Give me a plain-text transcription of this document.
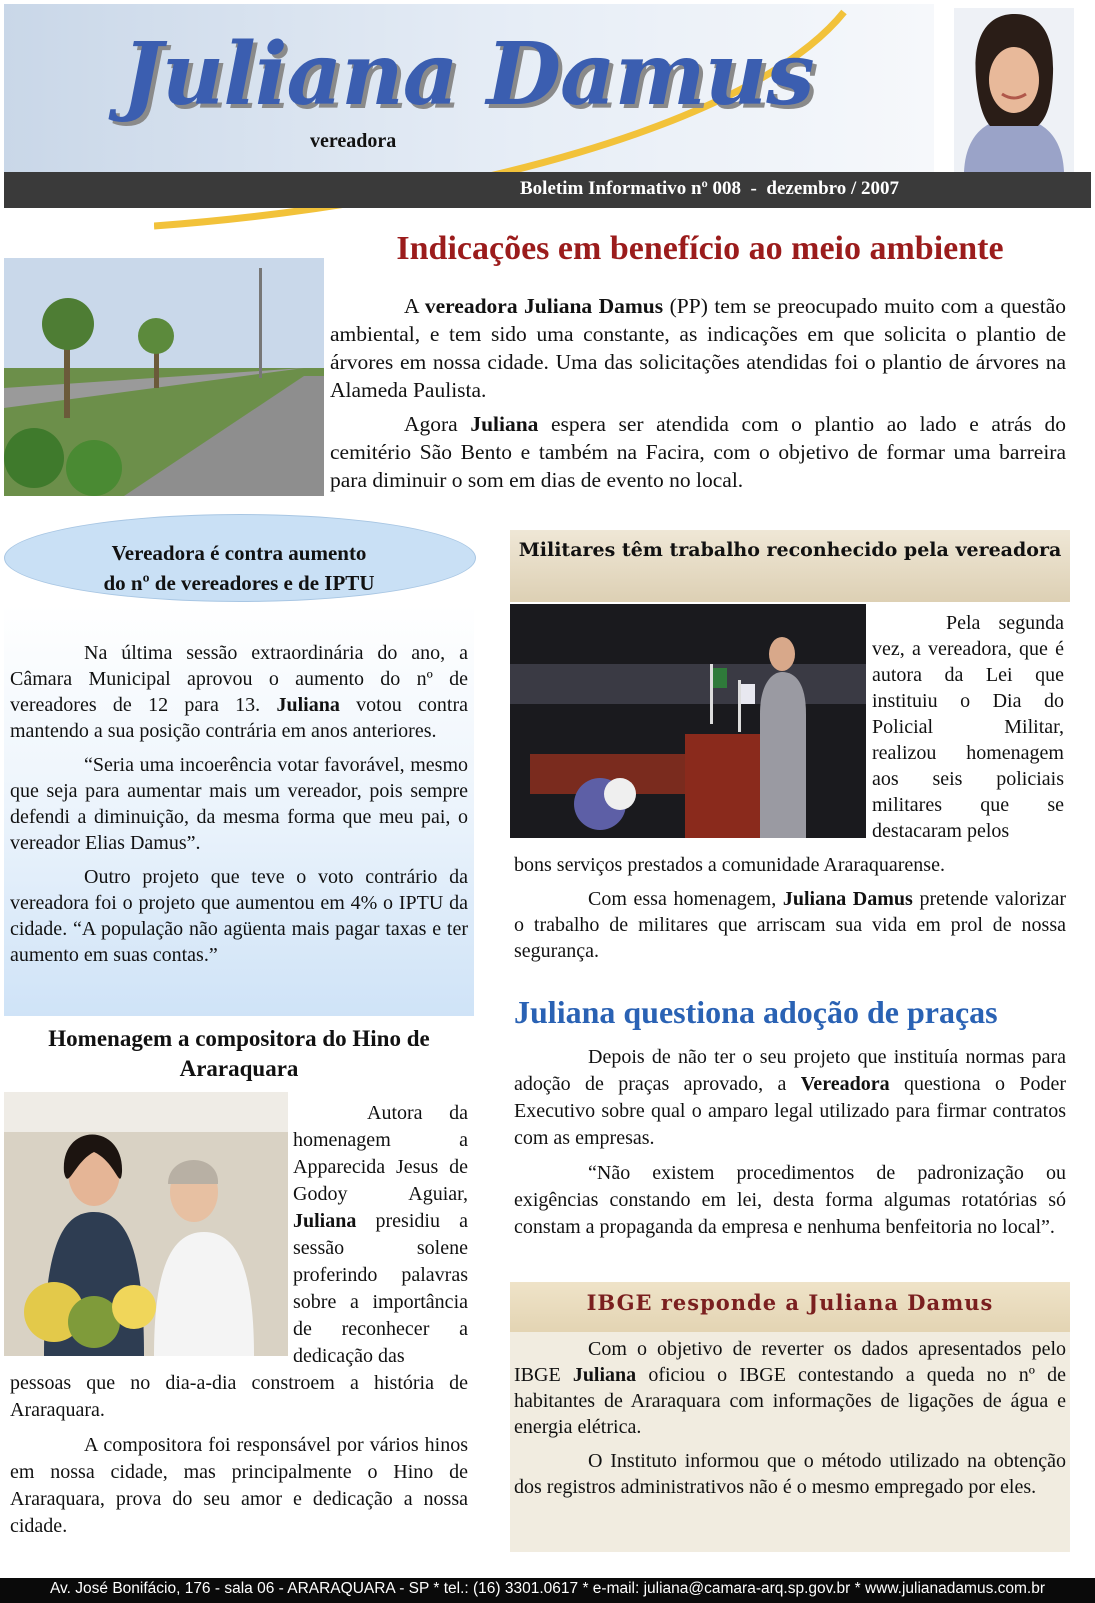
Boletim Informativo nº 008  -  dezembro / 2007
Juliana Damus
vereadora
Indicações em benefício ao meio ambiente

A vereadora Juliana Damus (PP) tem se preocupado muito com a questão ambiental, e tem sido uma constante, as indicações em que solicita o plantio de árvores em nossa cidade. Uma das solicitações atendidas foi o plantio de árvores na Alameda Paulista.

Agora Juliana espera ser atendida com o plantio ao lado e atrás do cemitério São Bento e também na Facira, com o objetivo de formar uma barreira para diminuir o som em dias de evento no local.

Vereadora é contra aumento
do nº de vereadores e de IPTU

Na última sessão extraordinária do ano, a Câmara Municipal aprovou o aumento do nº de vereadores de 12 para 13. Juliana votou contra mantendo a sua posição contrária em anos anteriores.

“Seria uma incoerência votar favorável, mesmo que seja para aumentar mais um vereador, pois sempre defendi a diminuição, da mesma forma que meu pai, o vereador Elias Damus”.

Outro projeto que teve o voto contrário da vereadora foi o projeto que aumentou em 4% o IPTU da cidade. “A população não agüenta mais pagar taxas e ter aumento em suas contas.”

Homenagem a compositora do Hino de Araraquara

Autora da homenagem a Apparecida Jesus de Godoy Aguiar, Juliana presidiu a sessão solene proferindo palavras sobre a importância de reconhecer a dedicação das

pessoas que no dia-a-dia constroem a história de Araraquara.

A compositora foi responsável por vários hinos em nossa cidade, mas principalmente o Hino de Araraquara, prova do seu amor e dedicação a nossa cidade.

Militares têm trabalho reconhecido pela vereadora

Pela segunda vez, a vereadora, que é autora da Lei que instituiu o Dia do Policial Militar, realizou homenagem aos seis policiais militares que se destacaram pelos

bons serviços prestados a comunidade Araraquarense.

Com essa homenagem, Juliana Damus pretende valorizar o trabalho de militares que arriscam sua vida em prol de nossa segurança.

Juliana questiona adoção de praças

Depois de não ter o seu projeto que instituía normas para adoção de praças aprovado, a Vereadora questiona o Poder Executivo sobre qual o amparo legal utilizado para firmar contratos com as empresas.

“Não existem procedimentos de padronização ou exigências constando em lei, desta forma algumas rotatórias só constam a propaganda da empresa e nenhuma benfeitoria no local”.

IBGE responde a Juliana Damus

Com o objetivo de reverter os dados apresentados pelo IBGE Juliana oficiou o IBGE contestando a queda no nº de habitantes de Araraquara com informações de ligações de água e energia elétrica.

O Instituto informou que o método utilizado na obtenção dos registros administrativos não é o mesmo empregado por eles.

Av. José Bonifácio, 176 - sala 06 - ARARAQUARA - SP * tel.: (16) 3301.0617 * e-mail: juliana@camara-arq.sp.gov.br * www.julianadamus.com.br
